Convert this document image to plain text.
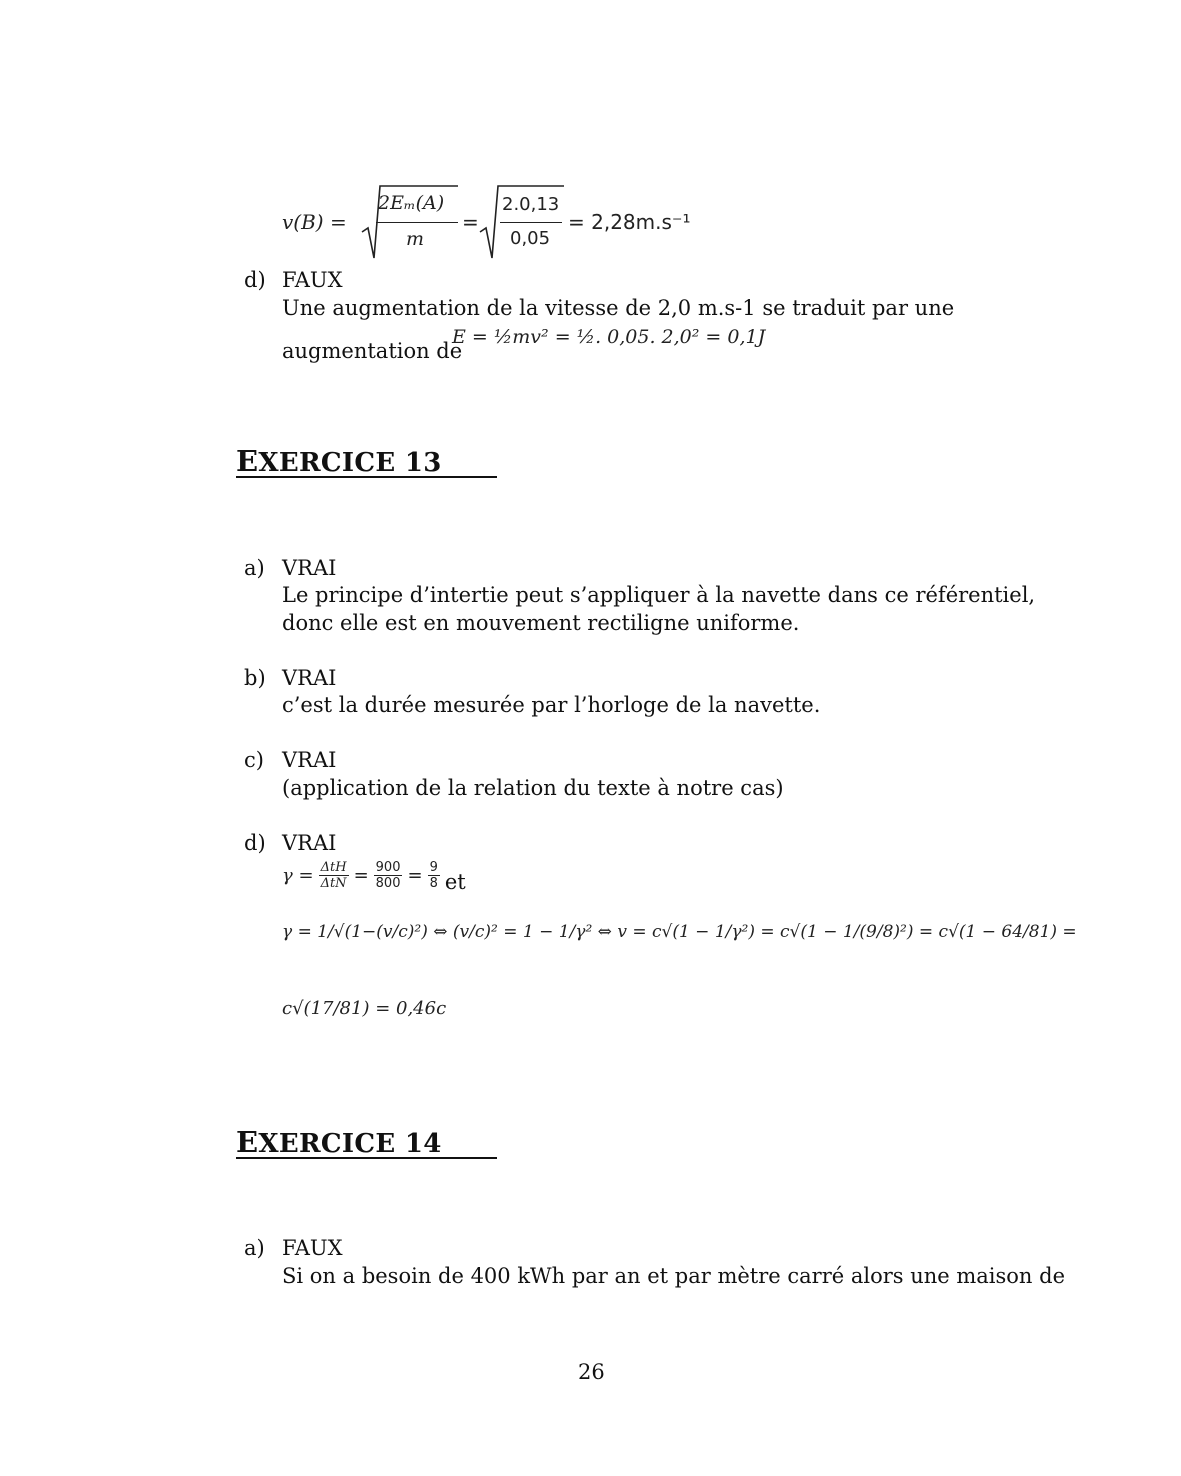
v(B) =
2Eₘ(A)
m
=
2.0,13
0,05
= 2,28m.s⁻¹
d) FAUX
Une augmentation de la vitesse de 2,0 m.s-1 se traduit par une
augmentation de
E = ½mv² = ½. 0,05. 2,0² = 0,1J
EXERCICE 13
a) VRAI
Le principe d’intertie peut s’appliquer à la navette dans ce référentiel,
donc elle est en mouvement rectiligne uniforme.
b) VRAI
c’est la durée mesurée par l’horloge de la navette.
c) VRAI
(application de la relation du texte à notre cas)
d) VRAI
$\gamma = \frac{\text{ΔtH}}{\text{ΔtN}} = \frac{900}{800} = \frac{9}{8}$ et
γ = 1/√(1−(v/c)²) ⇔ (v/c)² = 1 − 1/γ² ⇔ v = c√(1 − 1/γ²) = c√(1 − 1/(9/8)²) = c√(1 − 64/81) =
c√(17/81) = 0,46c
EXERCICE 14
a) FAUX
Si on a besoin de 400 kWh par an et par mètre carré alors une maison de
26
